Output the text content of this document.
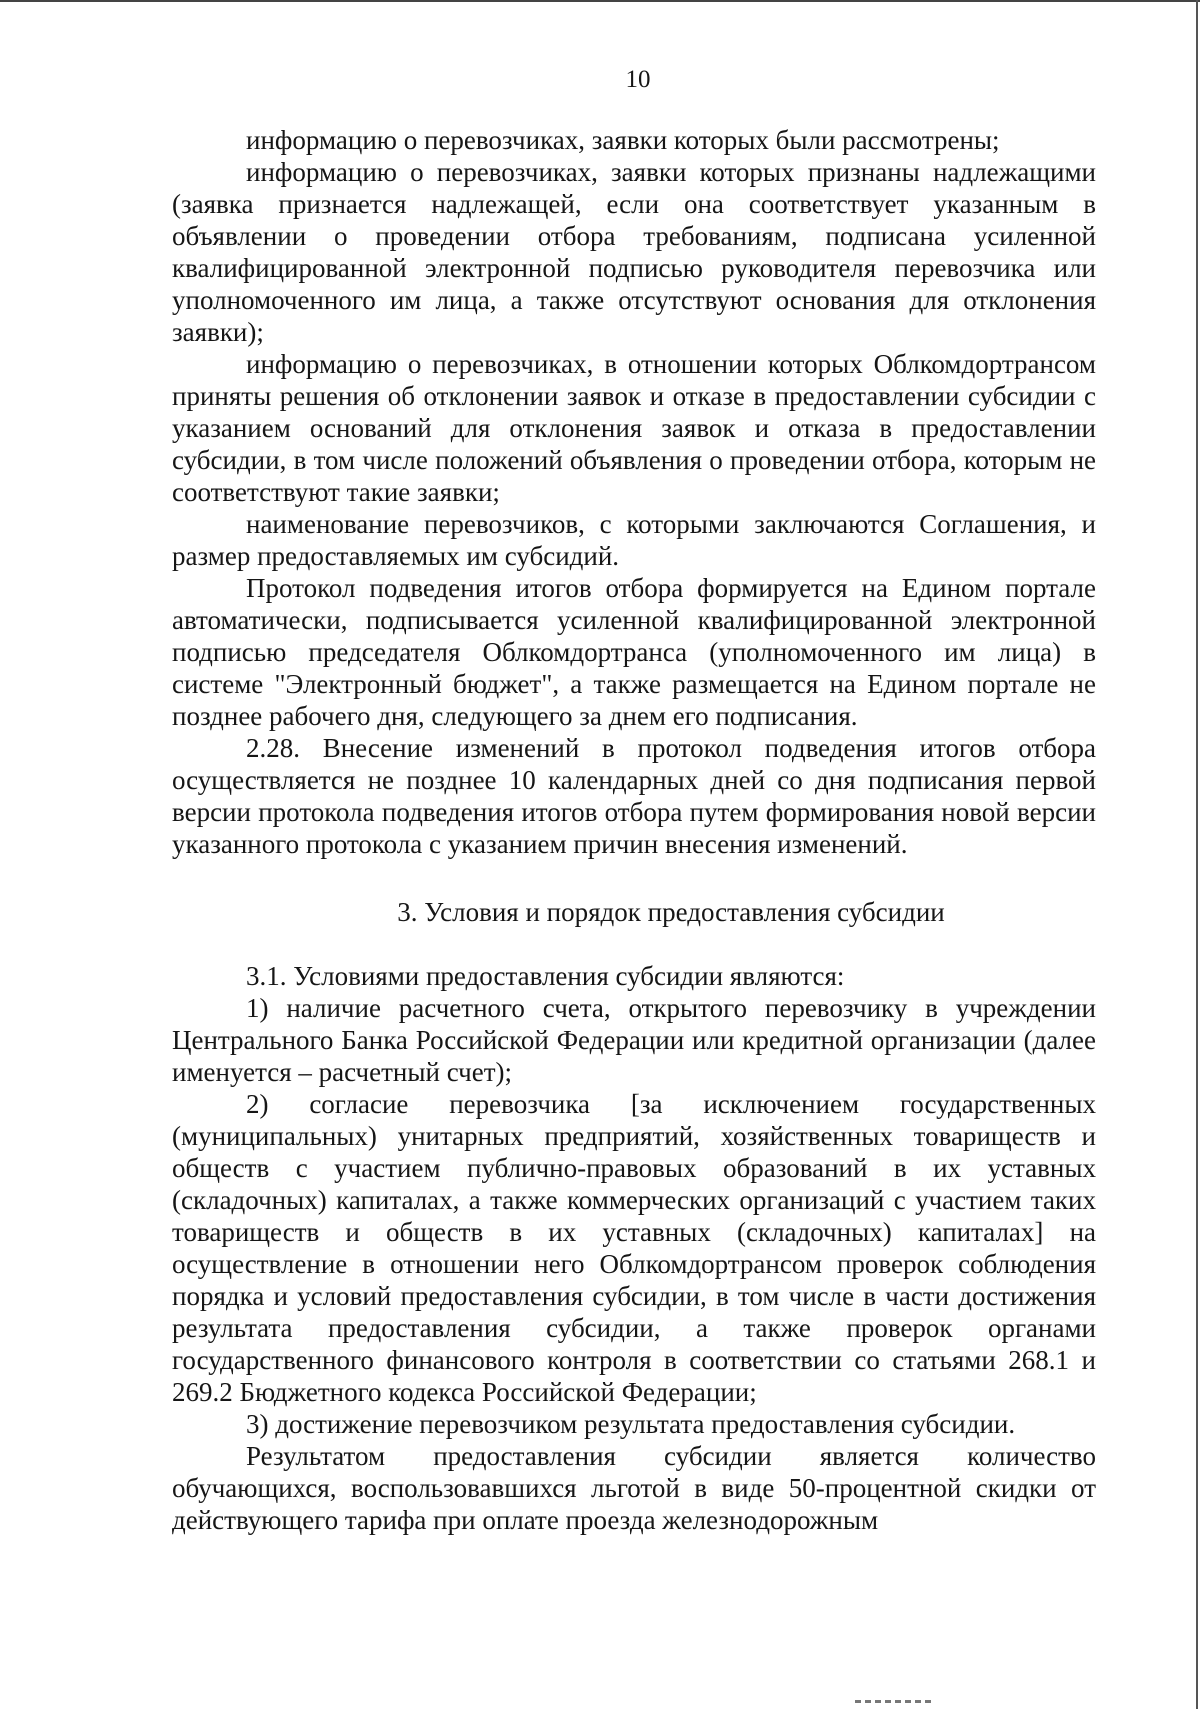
10

информацию о перевозчиках, заявки которых были рассмотрены;

информацию о перевозчиках, заявки которых признаны надлежащими (заявка признается надлежащей, если она соответствует указанным в объявлении о проведении отбора требованиям, подписана усиленной квалифицированной электронной подписью руководителя перевозчика или уполномоченного им лица, а также отсутствуют основания для отклонения заявки);

информацию о перевозчиках, в отношении которых Облкомдортрансом приняты решения об отклонении заявок и отказе в предоставлении субсидии с указанием оснований для отклонения заявок и отказа в предоставлении субсидии, в том числе положений объявления о проведении отбора, которым не соответствуют такие заявки;

наименование перевозчиков, с которыми заключаются Соглашения, и размер предоставляемых им субсидий.

Протокол подведения итогов отбора формируется на Едином портале автоматически, подписывается усиленной квалифицированной электронной подписью председателя Облкомдортранса (уполномоченного им лица) в системе "Электронный бюджет", а также размещается на Едином портале не позднее рабочего дня, следующего за днем его подписания.

2.28. Внесение изменений в протокол подведения итогов отбора осуществляется не позднее 10 календарных дней со дня подписания первой версии протокола подведения итогов отбора путем формирования новой версии указанного протокола с указанием причин внесения изменений.

3. Условия и порядок предоставления субсидии

3.1. Условиями предоставления субсидии являются:

1) наличие расчетного счета, открытого перевозчику в учреждении Центрального Банка Российской Федерации или кредитной организации (далее именуется – расчетный счет);

2) согласие перевозчика [за исключением государственных (муниципальных) унитарных предприятий, хозяйственных товариществ и обществ с участием публично-правовых образований в их уставных (складочных) капиталах, а также коммерческих организаций с участием таких товариществ и обществ в их уставных (складочных) капиталах] на осуществление в отношении него Облкомдортрансом проверок соблюдения порядка и условий предоставления субсидии, в том числе в части достижения результата предоставления субсидии, а также проверок органами государственного финансового контроля в соответствии со статьями 268.1 и 269.2 Бюджетного кодекса Российской Федерации;

3) достижение перевозчиком результата предоставления субсидии.

Результатом предоставления субсидии является количество обучающихся, воспользовавшихся льготой в виде 50-процентной скидки от действующего тарифа при оплате проезда железнодорожным
